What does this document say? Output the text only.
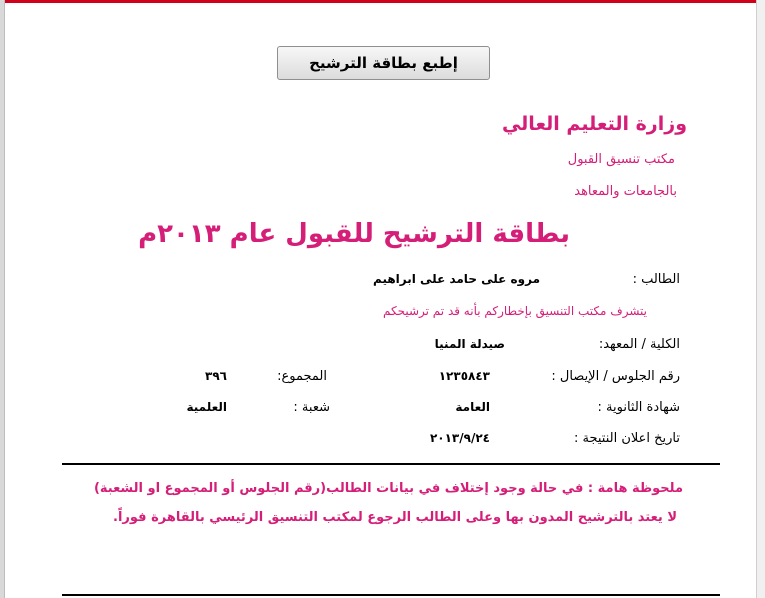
إطبع بطاقة الترشيح
وزارة التعليم العالي
مكتب تنسيق القبول
بالجامعات والمعاهد
بطاقة الترشيح للقبول عام ٢٠١٣م
الطالب :
مروه على حامد على ابراهيم
يتشرف مكتب التنسيق بإخطاركم بأنه قد تم ترشيحكم
الكلية / المعهد:
صيدلة المنيا
رقم الجلوس / الإيصال :
١٢٣٥٨٤٣
المجموع:
٣٩٦
شهادة الثانوية :
العامة
شعبة :
العلمية
تاريخ اعلان النتيجة :
٢٠١٣/٩/٢٤
ملحوظة هامة : في حالة وجود إختلاف في بيانات الطالب(رقم الجلوس أو المجموع او الشعبة)
لا يعتد بالترشيح المدون بها وعلى الطالب الرجوع لمكتب التنسيق الرئيسي بالقاهرة فوراً.
